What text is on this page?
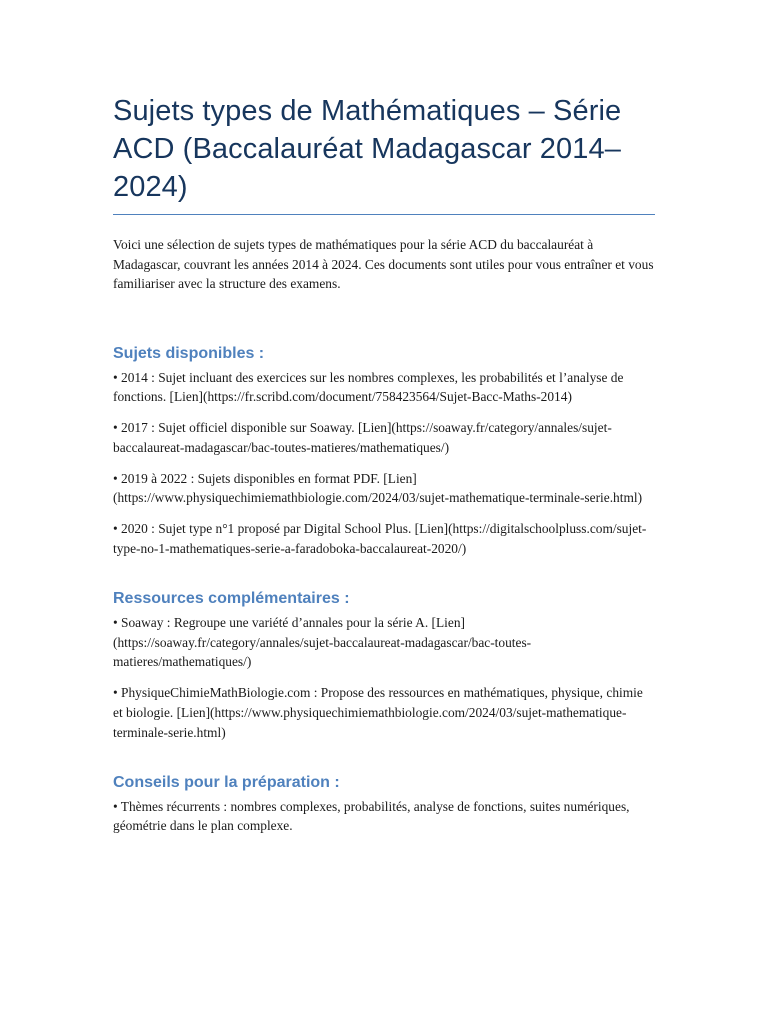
Sujets types de Mathématiques – Série ACD (Baccalauréat Madagascar 2014–2024)

Voici une sélection de sujets types de mathématiques pour la série ACD du baccalauréat à Madagascar, couvrant les années 2014 à 2024. Ces documents sont utiles pour vous entraîner et vous familiariser avec la structure des examens.

Sujets disponibles :

• 2014 : Sujet incluant des exercices sur les nombres complexes, les probabilités et l’analyse de fonctions. [Lien](https://fr.scribd.com/document/758423564/Sujet-Bacc-Maths-2014)

• 2017 : Sujet officiel disponible sur Soaway. [Lien](https://soaway.fr/category/annales/sujet-baccalaureat-madagascar/bac-toutes-matieres/mathematiques/)

• 2019 à 2022 : Sujets disponibles en format PDF. [Lien](https://www.physiquechimiemathbiologie.com/2024/03/sujet-mathematique-terminale-serie.html)

• 2020 : Sujet type n°1 proposé par Digital School Plus. [Lien](https://digitalschoolpluss.com/sujet-type-no-1-mathematiques-serie-a-faradoboka-baccalaureat-2020/)

Ressources complémentaires :

• Soaway : Regroupe une variété d’annales pour la série A. [Lien](https://soaway.fr/category/annales/sujet-baccalaureat-madagascar/bac-toutes-matieres/mathematiques/)

• PhysiqueChimieMathBiologie.com : Propose des ressources en mathématiques, physique, chimie et biologie. [Lien](https://www.physiquechimiemathbiologie.com/2024/03/sujet-mathematique-terminale-serie.html)

Conseils pour la préparation :

• Thèmes récurrents : nombres complexes, probabilités, analyse de fonctions, suites numériques, géométrie dans le plan complexe.
